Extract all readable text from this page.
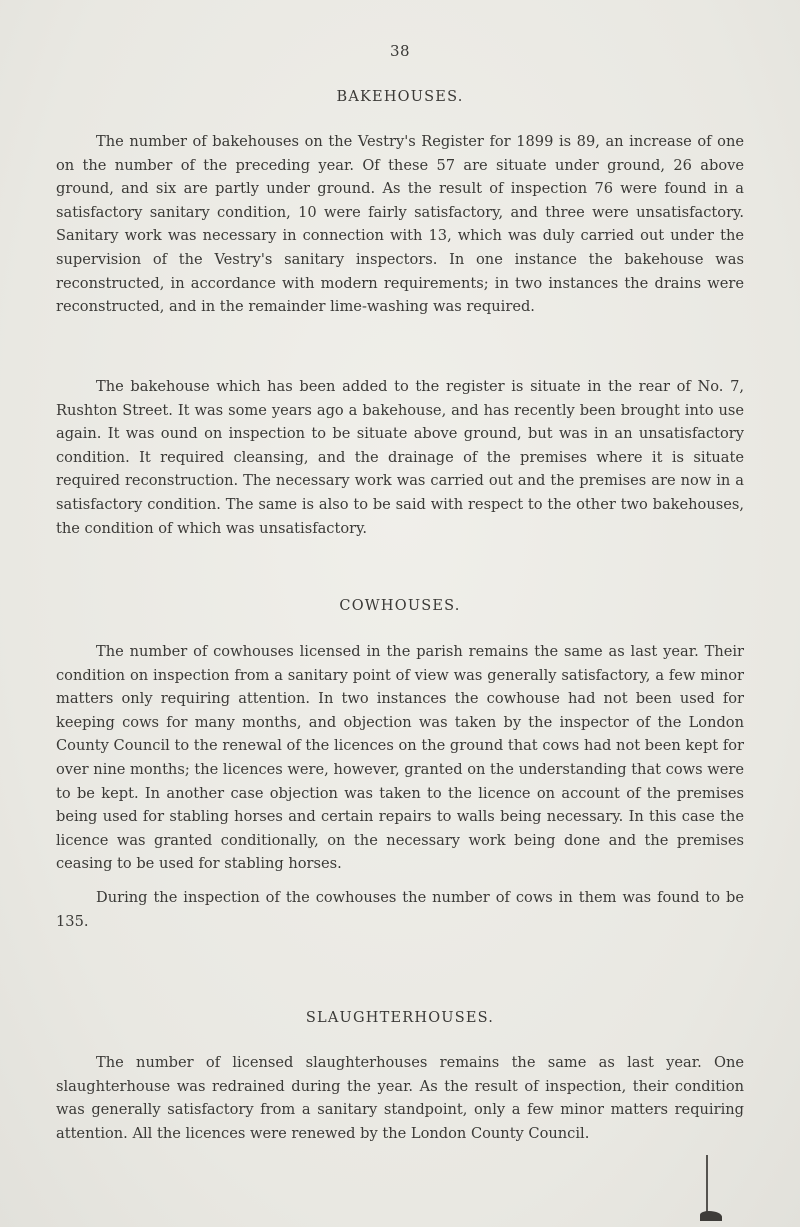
38
BAKEHOUSES.

The number of bakehouses on the Vestry's Register for 1899 is 89, an increase of one on the number of the preceding year. Of these 57 are situate under ground, 26 above ground, and six are partly under ground. As the result of inspection 76 were found in a satisfactory sanitary condition, 10 were fairly satisfactory, and three were unsatisfactory. Sanitary work was necessary in connection with 13, which was duly carried out under the supervision of the Vestry's sanitary inspectors. In one instance the bakehouse was reconstructed, in accordance with modern requirements; in two instances the drains were reconstructed, and in the remainder lime-washing was required.

The bakehouse which has been added to the register is situate in the rear of No. 7, Rushton Street. It was some years ago a bakehouse, and has recently been brought into use again. It was ound on inspection to be situate above ground, but was in an unsatisfactory condition. It required cleansing, and the drainage of the premises where it is situate required reconstruction. The necessary work was carried out and the premises are now in a satisfactory condition. The same is also to be said with respect to the other two bakehouses, the condition of which was unsatisfactory.

COWHOUSES.

The number of cowhouses licensed in the parish remains the same as last year. Their condition on inspection from a sanitary point of view was generally satisfactory, a few minor matters only requiring attention. In two instances the cowhouse had not been used for keeping cows for many months, and objection was taken by the inspector of the London County Council to the renewal of the licences on the ground that cows had not been kept for over nine months; the licences were, however, granted on the understanding that cows were to be kept. In another case objection was taken to the licence on account of the premises being used for stabling horses and certain repairs to walls being necessary. In this case the licence was granted conditionally, on the necessary work being done and the premises ceasing to be used for stabling horses.

During the inspection of the cowhouses the number of cows in them was found to be 135.

SLAUGHTERHOUSES.

The number of licensed slaughterhouses remains the same as last year. One slaughterhouse was redrained during the year. As the result of inspection, their condition was generally satisfactory from a sanitary standpoint, only a few minor matters requiring attention. All the licences were renewed by the London County Council.
